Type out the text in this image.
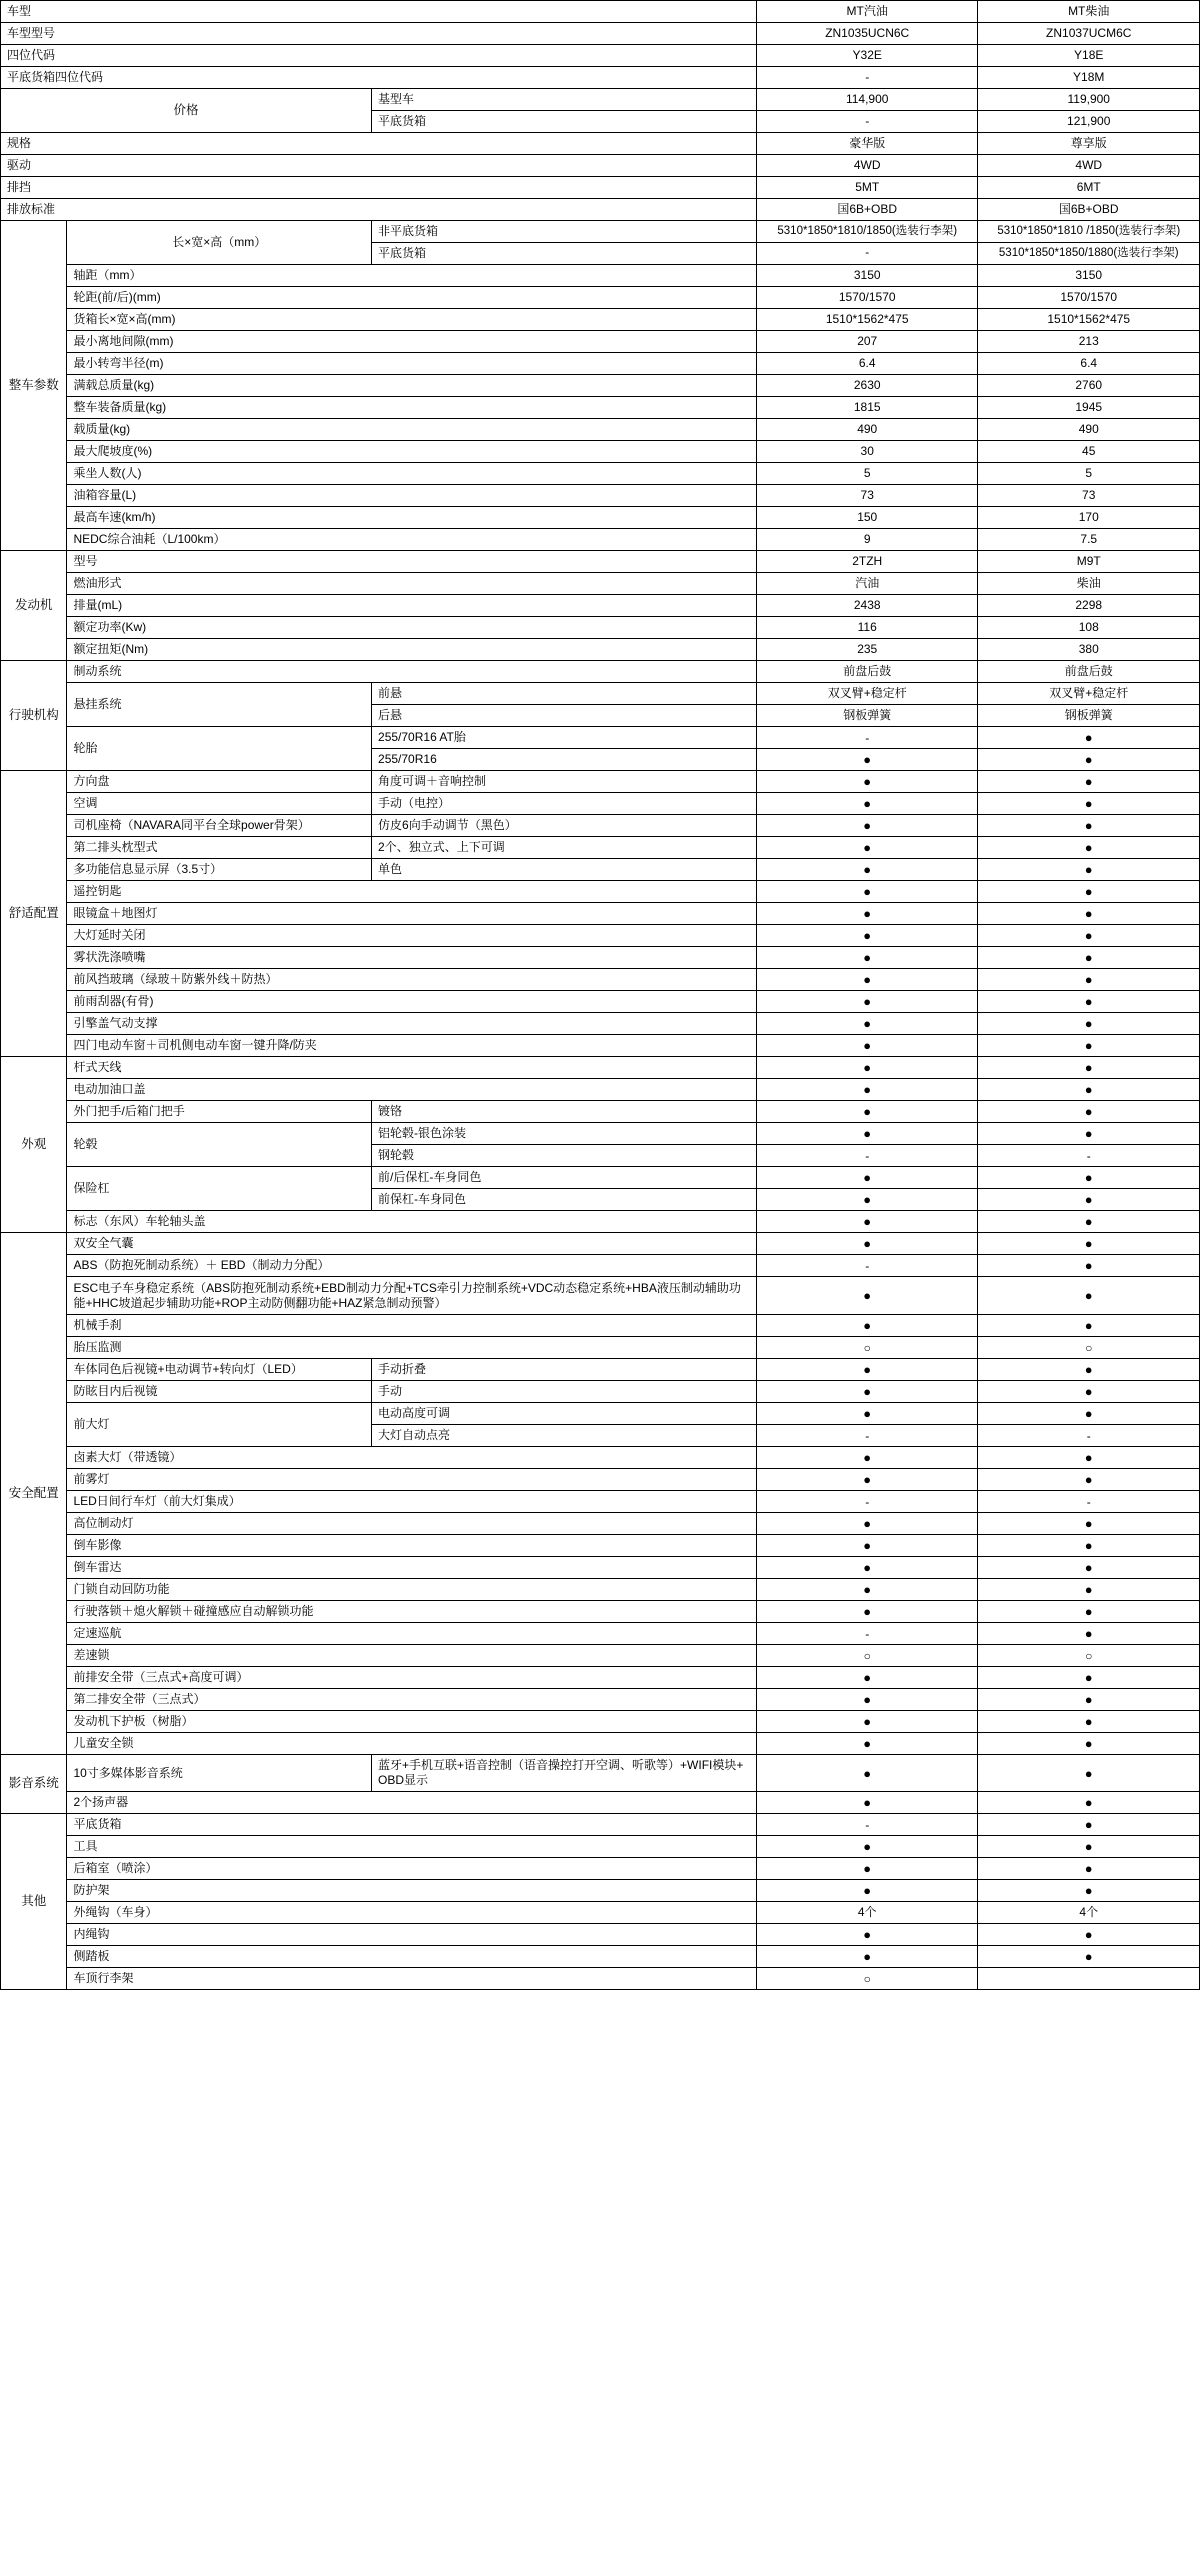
车型			MT汽油	MT柴油
车型型号			ZN1035UCN6C	ZN1037UCM6C
四位代码			Y32E	Y18E
平底货箱四位代码			-	Y18M
价格		基型车	114,900	119,900
		平底货箱	-	121,900
规格			豪华版	尊享版
驱动			4WD	4WD
排挡			5MT	6MT
排放标准			国6B+OBD	国6B+OBD
整车参数	长×宽×高（mm）	非平底货箱	5310*1850*1810/1850(选装行李架)	5310*1850*1810 /1850(选装行李架)
		平底货箱	-	5310*1850*1850/1880(选装行李架)
	轴距（mm）		3150	3150
	轮距(前/后)(mm)		1570/1570	1570/1570
	货箱长×宽×高(mm)		1510*1562*475	1510*1562*475
	最小离地间隙(mm)		207	213
	最小转弯半径(m)		6.4	6.4
	满载总质量(kg)		2630	2760
	整车装备质量(kg)		1815	1945
	载质量(kg)		490	490
	最大爬坡度(%)		30	45
	乘坐人数(人)		5	5
	油箱容量(L)		73	73
	最高车速(km/h)		150	170
	NEDC综合油耗（L/100km）		9	7.5
发动机	型号		2TZH	M9T
	燃油形式		汽油	柴油
	排量(mL)		2438	2298
	额定功率(Kw)		116	108
	额定扭矩(Nm)		235	380
行驶机构	制动系统		前盘后鼓	前盘后鼓
	悬挂系统	前悬	双叉臂+稳定杆	双叉臂+稳定杆
		后悬	钢板弹簧	钢板弹簧
	轮胎	255/70R16 AT胎	-	●
		255/70R16	●	●
舒适配置	方向盘	角度可调＋音响控制	●	●
	空调	手动（电控）	●	●
	司机座椅（NAVARA同平台全球power骨架）	仿皮6向手动调节（黑色）	●	●
	第二排头枕型式	2个、独立式、上下可调	●	●
	多功能信息显示屏（3.5寸）	单色	●	●
	遥控钥匙		●	●
	眼镜盒＋地图灯		●	●
	大灯延时关闭		●	●
	雾状洗涤喷嘴		●	●
	前风挡玻璃（绿玻＋防紫外线＋防热）		●	●
	前雨刮器(有骨)		●	●
	引擎盖气动支撑		●	●
	四门电动车窗＋司机侧电动车窗一键升降/防夹		●	●
外观	杆式天线		●	●
	电动加油口盖		●	●
	外门把手/后箱门把手	镀铬	●	●
	轮毂	铝轮毂-银色涂装	●	●
		钢轮毂	-	-
	保险杠	前/后保杠-车身同色	●	●
		前保杠-车身同色	●	●
	标志（东风）车轮轴头盖		●	●
安全配置	双安全气囊		●	●
	ABS（防抱死制动系统）＋ EBD（制动力分配）		-	●
	ESC电子车身稳定系统（ABS防抱死制动系统+EBD制动力分配+TCS牵引力控制系统+VDC动态稳定系统+HBA液压制动辅助功能+HHC坡道起步辅助功能+ROP主动防侧翻功能+HAZ紧急制动预警）		●	●
	机械手刹		●	●
	胎压监测		○	○
	车体同色后视镜+电动调节+转向灯（LED）	手动折叠	●	●
	防眩目内后视镜	手动	●	●
	前大灯	电动高度可调	●	●
		大灯自动点亮	-	-
	卤素大灯（带透镜）		●	●
	前雾灯		●	●
	LED日间行车灯（前大灯集成）		-	-
	高位制动灯		●	●
	倒车影像		●	●
	倒车雷达		●	●
	门锁自动回防功能		●	●
	行驶落锁＋熄火解锁＋碰撞感应自动解锁功能		●	●
	定速巡航		-	●
	差速锁		○	○
	前排安全带（三点式+高度可调）		●	●
	第二排安全带（三点式）		●	●
	发动机下护板（树脂）		●	●
	儿童安全锁		●	●
影音系统	10寸多媒体影音系统	蓝牙+手机互联+语音控制（语音操控打开空调、听歌等）+WIFI模块+OBD显示	●	●
	2个扬声器		●	●
其他	平底货箱		-	●
	工具		●	●
	后箱室（喷涂）		●	●
	防护架		●	●
	外绳钩（车身）		4个	4个
	内绳钩		●	●
	侧踏板		●	●
	车顶行李架		○	
